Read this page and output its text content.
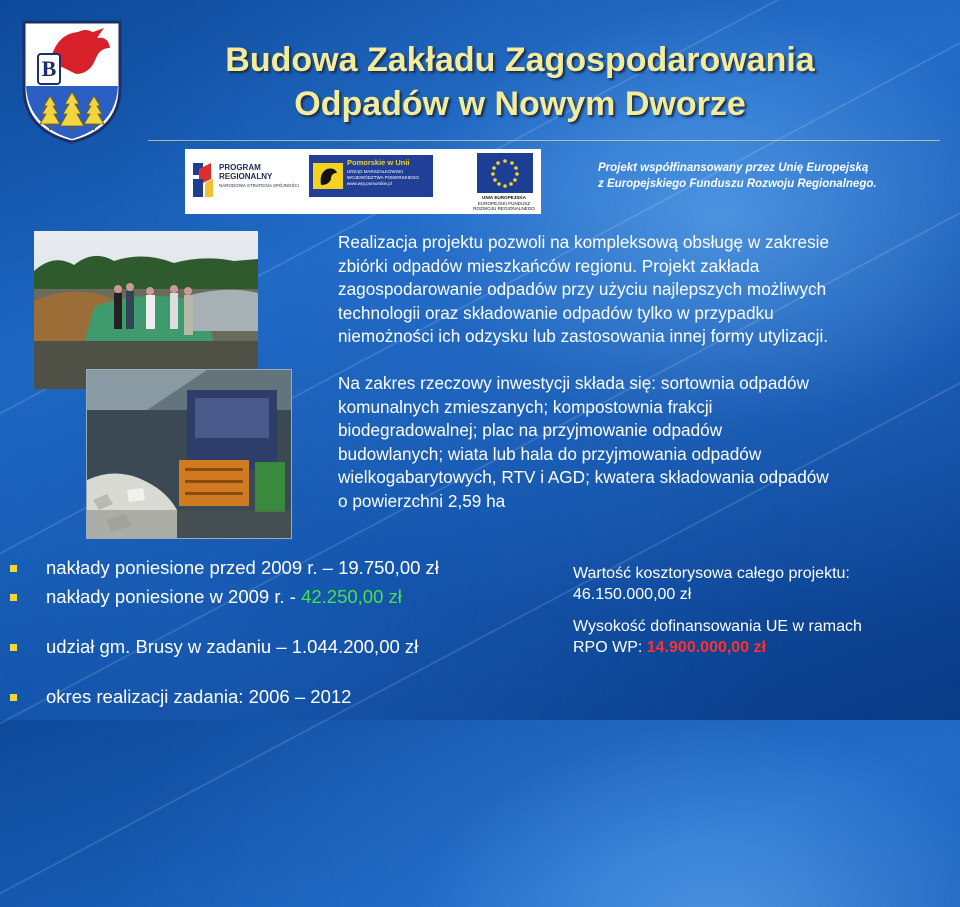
B	Budowa Zakładu Zagospodarowania
Odpadów w Nowym Dworze
PROGRAM
REGIONALNY
NARODOWA STRATEGIA SPÓJNOŚCI
Pomorskie w Unii
URZĄD MARSZAŁKOWSKI
WOJEWÓDZTWA POMORSKIEGO
www.wrp.pomorskie.pl
UNIA EUROPEJSKA
EUROPEJSKI FUNDUSZ
ROZWOJU REGIONALNEGO
Projekt współfinansowany przez Unię Europejską
z Europejskiego Funduszu Rozwoju Regionalnego.

Realizacja projektu pozwoli na kompleksową obsługę w zakresie
zbiórki odpadów mieszkańców regionu. Projekt zakłada
zagospodarowanie odpadów przy użyciu najlepszych możliwych
technologii oraz składowanie odpadów tylko w przypadku
niemożności ich odzysku lub zastosowania innej formy utylizacji.

Na zakres rzeczowy inwestycji składa się: sortownia odpadów
komunalnych zmieszanych; kompostownia frakcji
biodegradowalnej; plac na przyjmowanie odpadów
budowlanych; wiata lub hala do przyjmowania odpadów
wielkogabarytowych, RTV i AGD; kwatera składowania odpadów
o powierzchni 2,59 ha

nakłady poniesione przed 2009 r. – 19.750,00 zł
nakłady poniesione w 2009 r. - 42.250,00 zł
udział gm. Brusy w zadaniu – 1.044.200,00 zł
okres realizacji zadania: 2006 – 2012

Wartość kosztorysowa całego projektu:
46.150.000,00 zł

Wysokość dofinansowania UE w ramach
RPO WP: 14.900.000,00 zł
